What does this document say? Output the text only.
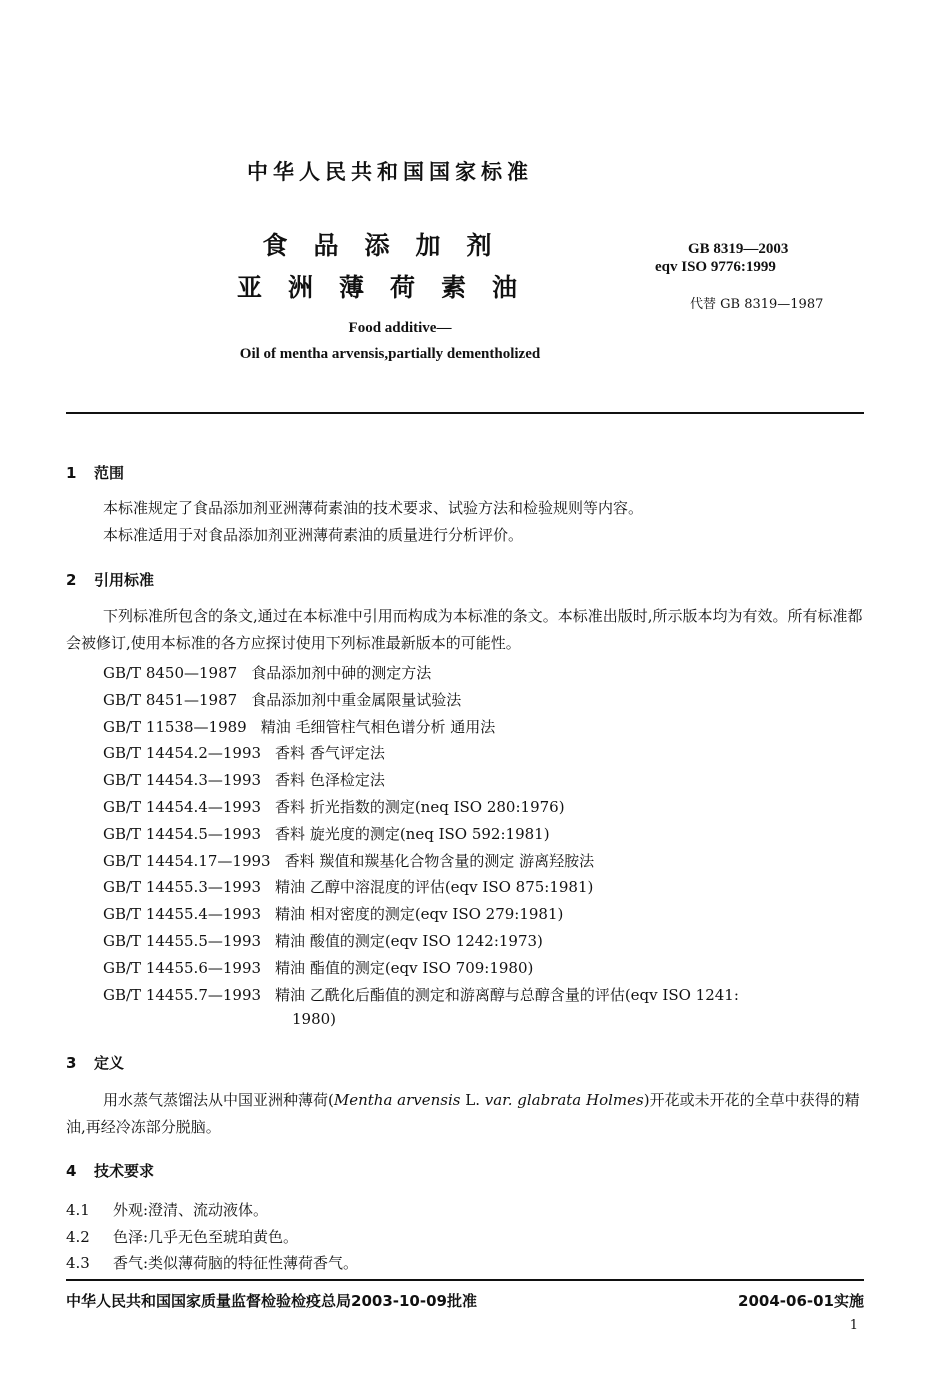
中华人民共和国国家标准
食品添加剂
亚洲薄荷素油
Food additive—
Oil of mentha arvensis,partially dementholized
GB 8319—2003
eqv ISO 9776:1999
代替 GB 8319—1987
1 范围
本标准规定了食品添加剂亚洲薄荷素油的技术要求、试验方法和检验规则等内容。
本标准适用于对食品添加剂亚洲薄荷素油的质量进行分析评价。
2 引用标准
下列标准所包含的条文,通过在本标准中引用而构成为本标准的条文。本标准出版时,所示版本均为有效。所有标准都会被修订,使用本标准的各方应探讨使用下列标准最新版本的可能性。
GB/T 8450—1987 食品添加剂中砷的测定方法
GB/T 8451—1987 食品添加剂中重金属限量试验法
GB/T 11538—1989 精油 毛细管柱气相色谱分析 通用法
GB/T 14454.2—1993 香料 香气评定法
GB/T 14454.3—1993 香料 色泽检定法
GB/T 14454.4—1993 香料 折光指数的测定(neq ISO 280:1976)
GB/T 14454.5—1993 香料 旋光度的测定(neq ISO 592:1981)
GB/T 14454.17—1993 香料 羰值和羰基化合物含量的测定 游离羟胺法
GB/T 14455.3—1993 精油 乙醇中溶混度的评估(eqv ISO 875:1981)
GB/T 14455.4—1993 精油 相对密度的测定(eqv ISO 279:1981)
GB/T 14455.5—1993 精油 酸值的测定(eqv ISO 1242:1973)
GB/T 14455.6—1993 精油 酯值的测定(eqv ISO 709:1980)
GB/T 14455.7—1993 精油 乙酰化后酯值的测定和游离醇与总醇含量的评估(eqv ISO 1241:
1980)
3 定义
用水蒸气蒸馏法从中国亚洲种薄荷(Mentha arvensis L. var. glabrata Holmes)开花或未开花的全草中获得的精油,再经冷冻部分脱脑。
4 技术要求
4.1 外观:澄清、流动液体。
4.2 色泽:几乎无色至琥珀黄色。
4.3 香气:类似薄荷脑的特征性薄荷香气。
中华人民共和国国家质量监督检验检疫总局2003-10-09批准	2004-06-01实施
1
